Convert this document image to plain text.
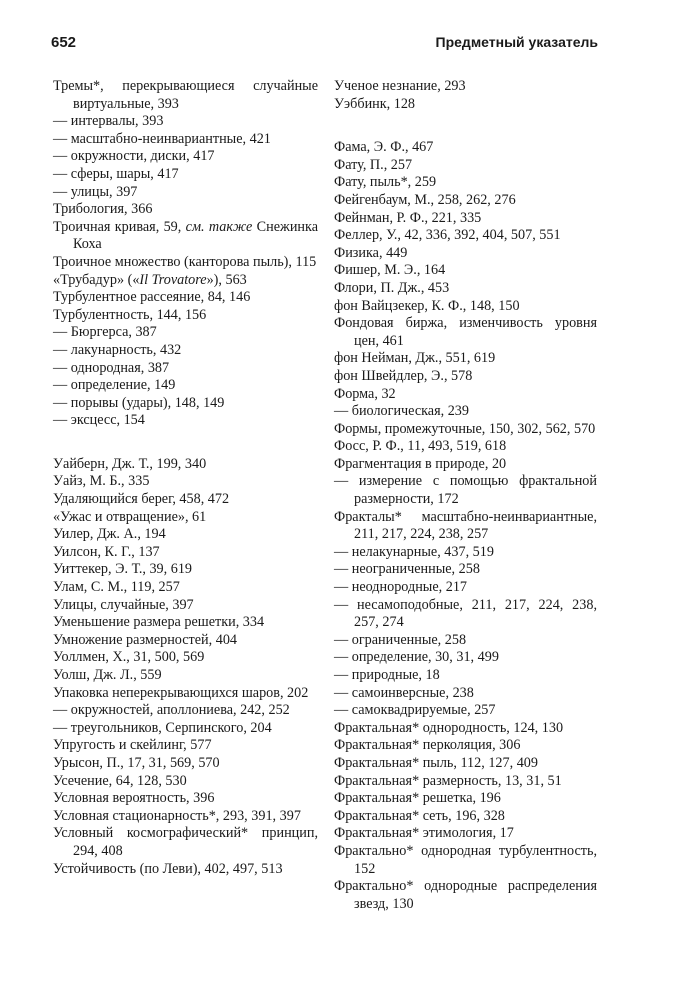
652	Предметный указатель
Тремы*, перекрывающиеся случайные виртуальные, 393
— интервалы, 393
— масштабно-неинвариантные, 421
— окружности, диски, 417
— сферы, шары, 417
— улицы, 397
Трибология, 366
Троичная кривая, 59, см. также Снежинка Коха
Троичное множество (канторова пыль), 115
«Трубадур» («Il Trovatore»), 563
Турбулентное рассеяние, 84, 146
Турбулентность, 144, 156
— Бюргерса, 387
— лакунарность, 432
— однородная, 387
— определение, 149
— порывы (удары), 148, 149
— эксцесс, 154
Уайберн, Дж. Т., 199, 340
Уайз, М. Б., 335
Удаляющийся берег, 458, 472
«Ужас и отвращение», 61
Уилер, Дж. А., 194
Уилсон, К. Г., 137
Уиттекер, Э. Т., 39, 619
Улам, С. М., 119, 257
Улицы, случайные, 397
Уменьшение размера решетки, 334
Умножение размерностей, 404
Уоллмен, Х., 31, 500, 569
Уолш, Дж. Л., 559
Упаковка неперекрывающихся шаров, 202
— окружностей, аполлониева, 242, 252
— треугольников, Серпинского, 204
Упругость и скейлинг, 577
Урысон, П., 17, 31, 569, 570
Усечение, 64, 128, 530
Условная вероятность, 396
Условная стационарность*, 293, 391, 397
Условный космографический* принцип, 294, 408
Устойчивость (по Леви), 402, 497, 513
Ученое незнание, 293
Уэббинк, 128
Фама, Э. Ф., 467
Фату, П., 257
Фату, пыль*, 259
Фейгенбаум, М., 258, 262, 276
Фейнман, Р. Ф., 221, 335
Феллер, У., 42, 336, 392, 404, 507, 551
Физика, 449
Фишер, М. Э., 164
Флори, П. Дж., 453
фон Вайцзекер, К. Ф., 148, 150
Фондовая биржа, изменчивость уровня цен, 461
фон Нейман, Дж., 551, 619
фон Швейдлер, Э., 578
Форма, 32
— биологическая, 239
Формы, промежуточные, 150, 302, 562, 570
Фосс, Р. Ф., 11, 493, 519, 618
Фрагментация в природе, 20
— измерение с помощью фрактальной размерности, 172
Фракталы* масштабно-неинвариантные, 211, 217, 224, 238, 257
— нелакунарные, 437, 519
— неограниченные, 258
— неоднородные, 217
— несамоподобные, 211, 217, 224, 238, 257, 274
— ограниченные, 258
— определение, 30, 31, 499
— природные, 18
— самоинверсные, 238
— самоквадрируемые, 257
Фрактальная* однородность, 124, 130
Фрактальная* перколяция, 306
Фрактальная* пыль, 112, 127, 409
Фрактальная* размерность, 13, 31, 51
Фрактальная* решетка, 196
Фрактальная* сеть, 196, 328
Фрактальная* этимология, 17
Фрактально* однородная турбулентность, 152
Фрактально* однородные распределения звезд, 130
